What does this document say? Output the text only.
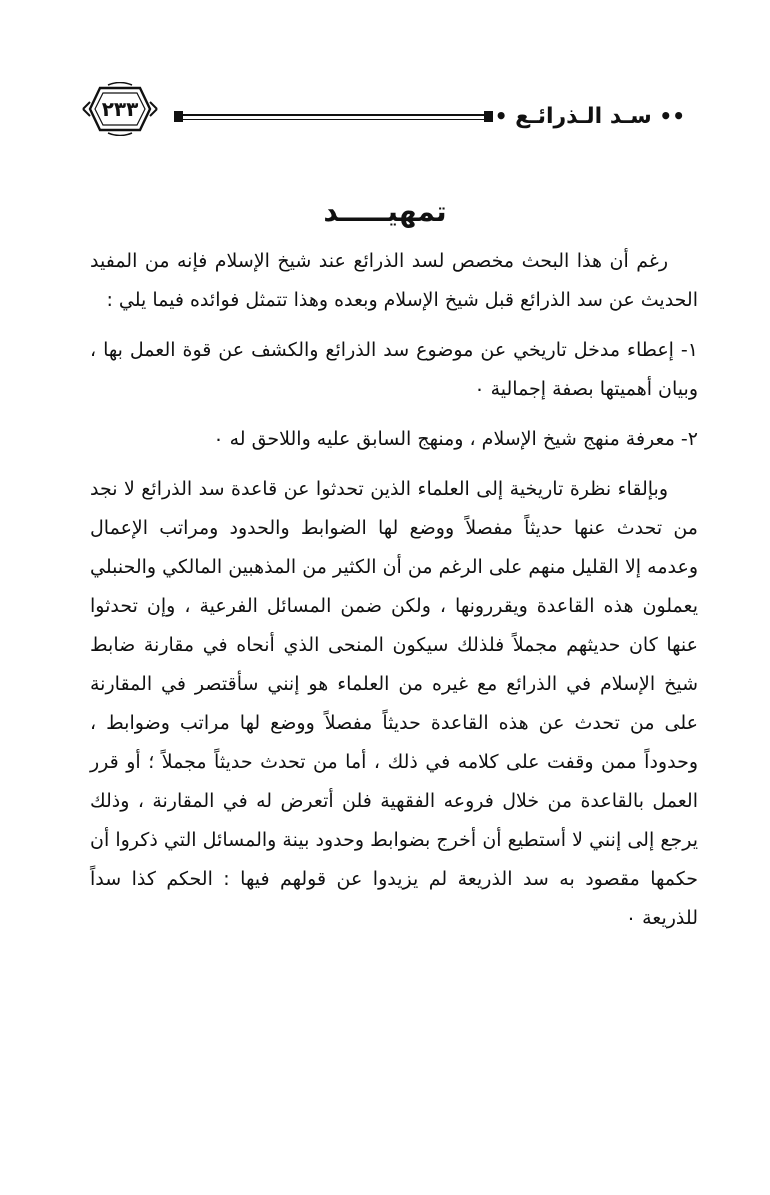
٢٣٣	•• سـد الـذرائـع ••
تمهيـــــد

رغم أن هذا البحث مخصص لسد الذرائع عند شيخ الإسلام فإنه من المفيد الحديث عن سد الذرائع قبل شيخ الإسلام وبعده وهذا تتمثل فوائده فيما يلي :

١- إعطاء مدخل تاريخي عن موضوع سد الذرائع والكشف عن قوة العمل بها ، وبيان أهميتها بصفة إجمالية ٠

٢- معرفة منهج شيخ الإسلام ، ومنهج السابق عليه واللاحق له ٠

وبإلقاء نظرة تاريخية إلى العلماء الذين تحدثوا عن قاعدة سد الذرائع لا نجد من تحدث عنها حديثاً مفصلاً ووضع لها الضوابط والحدود ومراتب الإعمال وعدمه إلا القليل منهم على الرغم من أن الكثير من المذهبين المالكي والحنبلي يعملون هذه القاعدة ويقررونها ، ولكن ضمن المسائل الفرعية ، وإن تحدثوا عنها كان حديثهم مجملاً فلذلك سيكون المنحى الذي أنحاه في مقارنة ضابط شيخ الإسلام في الذرائع مع غيره من العلماء هو إنني سأقتصر في المقارنة على من تحدث عن هذه القاعدة حديثاً مفصلاً ووضع لها مراتب وضوابط ، وحدوداً ممن وقفت على كلامه في ذلك ، أما من تحدث حديثاً مجملاً ؛ أو قرر العمل بالقاعدة من خلال فروعه الفقهية فلن أتعرض له في المقارنة ، وذلك يرجع إلى إنني لا أستطيع أن أخرج بضوابط وحدود بينة والمسائل التي ذكروا أن حكمها مقصود به سد الذريعة لم يزيدوا عن قولهم فيها : الحكم كذا سداً للذريعة ٠
